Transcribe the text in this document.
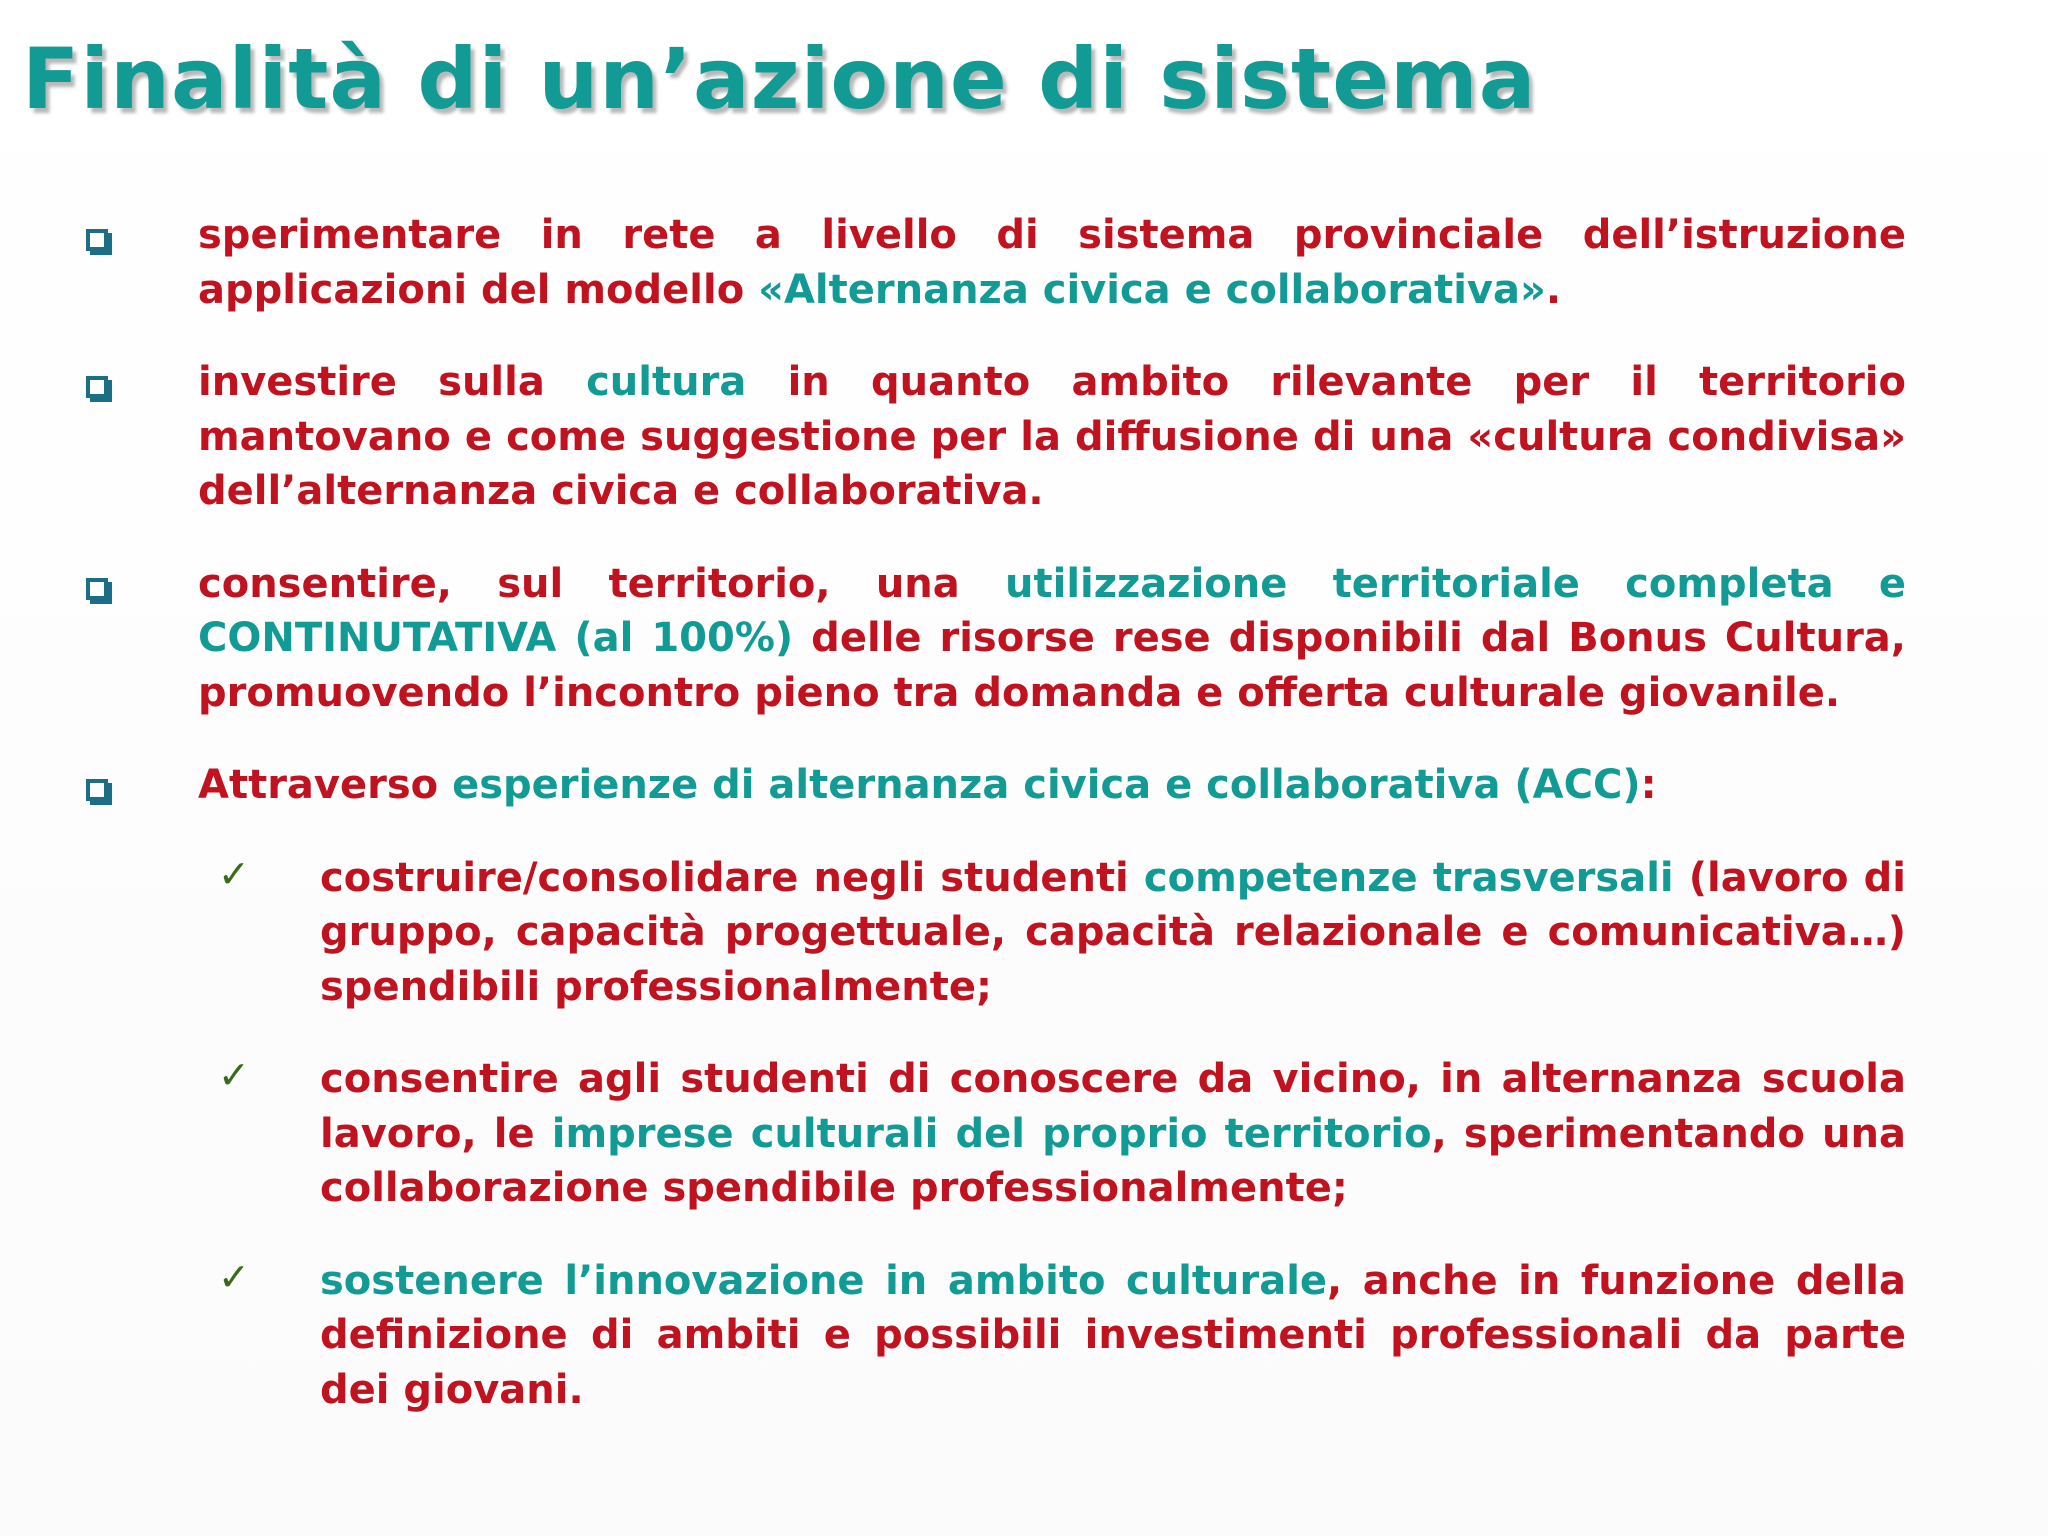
Finalità di un’azione di sistema
sperimentare in rete a livello di sistema provinciale dell’istruzione applicazioni del modello «Alternanza civica e collaborativa».
investire sulla cultura in quanto ambito rilevante per il territorio mantovano e come suggestione per la diffusione di una «cultura condivisa» dell’alternanza civica e collaborativa.
consentire, sul territorio, una utilizzazione territoriale completa e CONTINUTATIVA (al 100%) delle risorse rese disponibili dal Bonus Cultura, promuovendo l’incontro pieno tra domanda e offerta culturale giovanile.
Attraverso esperienze di alternanza civica e collaborativa (ACC):
✓ costruire/consolidare negli studenti competenze trasversali (lavoro di gruppo, capacità progettuale, capacità relazionale e comunicativa…) spendibili professionalmente;
✓ consentire agli studenti di conoscere da vicino, in alternanza scuola lavoro, le imprese culturali del proprio territorio, sperimentando una collaborazione spendibile professionalmente;
✓ sostenere l’innovazione in ambito culturale, anche in funzione della definizione di ambiti e possibili investimenti professionali da parte dei giovani.
